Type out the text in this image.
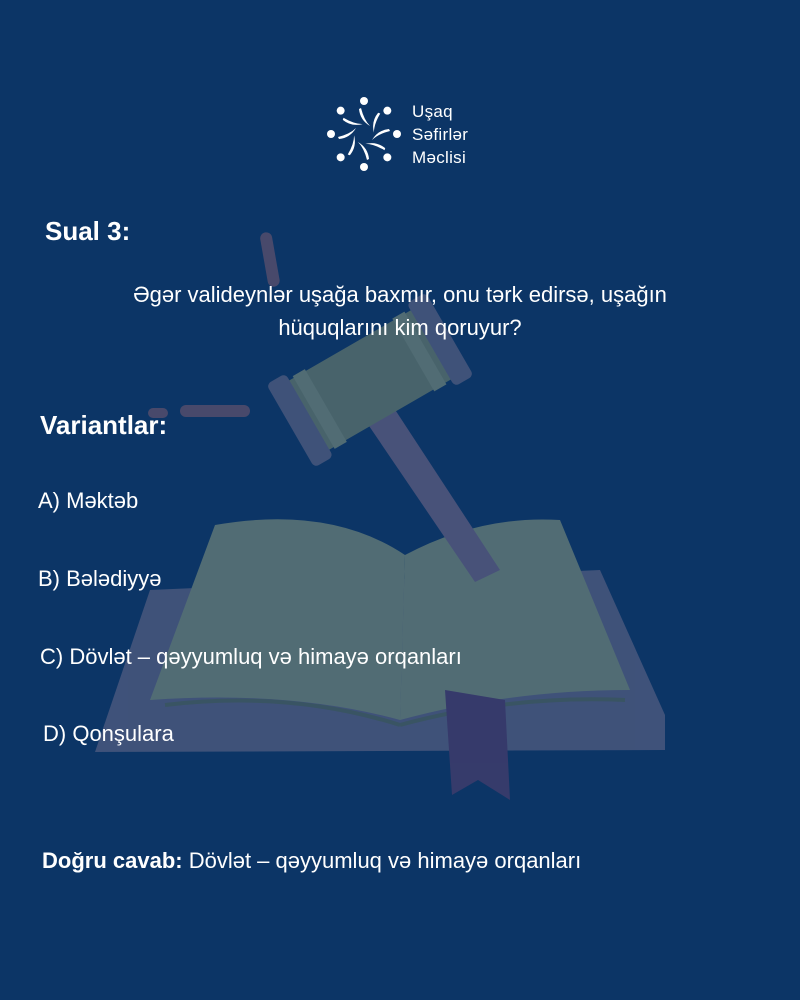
Uşaq
Səfirlər
Məclisi
Sual 3:
Əgər valideynlər uşağa baxmır, onu tərk edirsə, uşağın
hüquqlarını kim qoruyur?
Variantlar:
A) Məktəb
B) Bələdiyyə
C) Dövlət – qəyyumluq və himayə orqanları
D) Qonşulara
Doğru cavab: Dövlət – qəyyumluq və himayə orqanları
